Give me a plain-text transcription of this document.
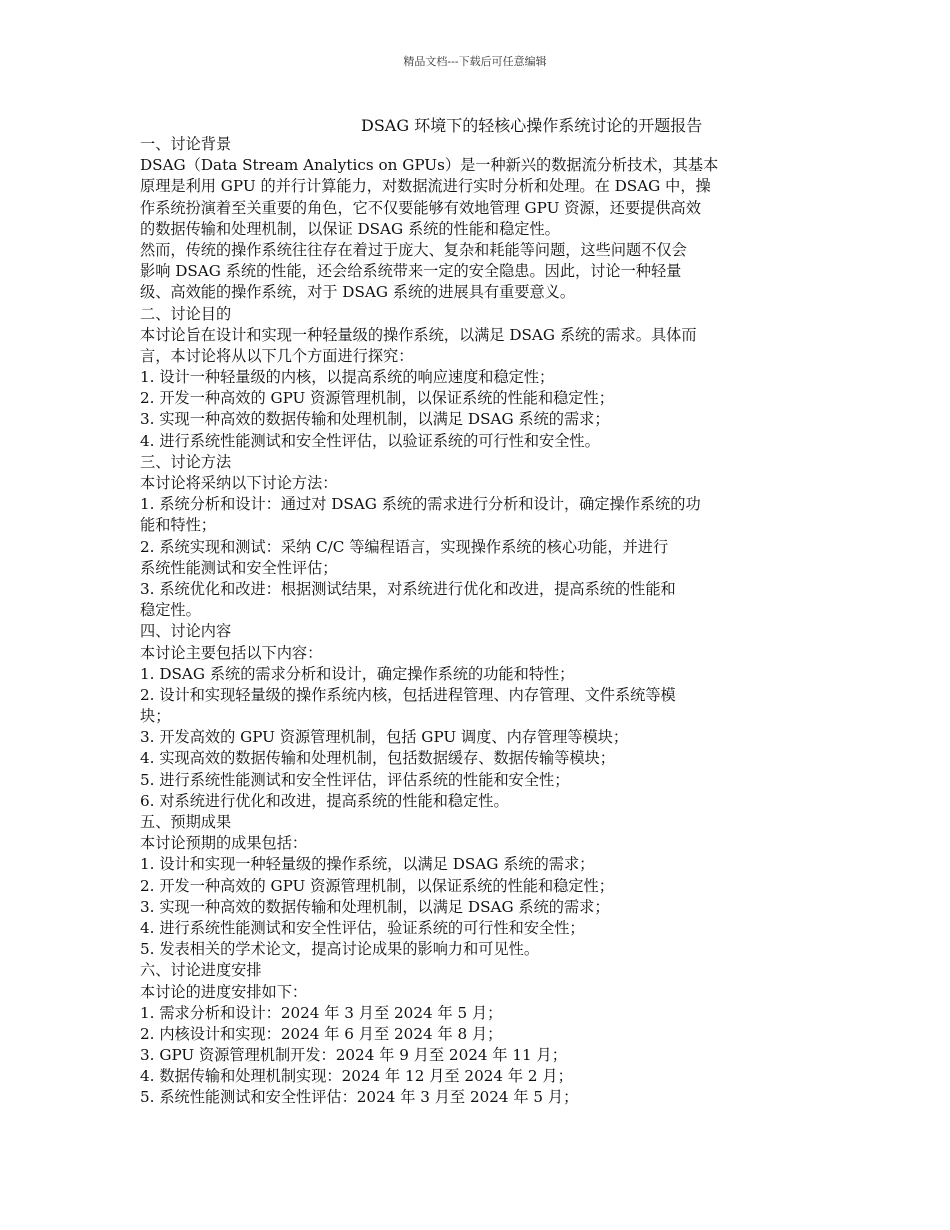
精品文档---下载后可任意编辑
DSAG 环境下的轻核心操作系统讨论的开题报告
一、讨论背景
DSAG（Data Stream Analytics on GPUs）是一种新兴的数据流分析技术，其基本
原理是利用 GPU 的并行计算能力，对数据流进行实时分析和处理。在 DSAG 中，操
作系统扮演着至关重要的角色，它不仅要能够有效地管理 GPU 资源，还要提供高效
的数据传输和处理机制，以保证 DSAG 系统的性能和稳定性。
然而，传统的操作系统往往存在着过于庞大、复杂和耗能等问题，这些问题不仅会
影响 DSAG 系统的性能，还会给系统带来一定的安全隐患。因此，讨论一种轻量
级、高效能的操作系统，对于 DSAG 系统的进展具有重要意义。
二、讨论目的
本讨论旨在设计和实现一种轻量级的操作系统，以满足 DSAG 系统的需求。具体而
言，本讨论将从以下几个方面进行探究：
1. 设计一种轻量级的内核，以提高系统的响应速度和稳定性；
2. 开发一种高效的 GPU 资源管理机制，以保证系统的性能和稳定性；
3. 实现一种高效的数据传输和处理机制，以满足 DSAG 系统的需求；
4. 进行系统性能测试和安全性评估，以验证系统的可行性和安全性。
三、讨论方法
本讨论将采纳以下讨论方法：
1. 系统分析和设计：通过对 DSAG 系统的需求进行分析和设计，确定操作系统的功
能和特性；
2. 系统实现和测试：采纳 C/C 等编程语言，实现操作系统的核心功能，并进行
系统性能测试和安全性评估；
3. 系统优化和改进：根据测试结果，对系统进行优化和改进，提高系统的性能和
稳定性。
四、讨论内容
本讨论主要包括以下内容：
1. DSAG 系统的需求分析和设计，确定操作系统的功能和特性；
2. 设计和实现轻量级的操作系统内核，包括进程管理、内存管理、文件系统等模
块；
3. 开发高效的 GPU 资源管理机制，包括 GPU 调度、内存管理等模块；
4. 实现高效的数据传输和处理机制，包括数据缓存、数据传输等模块；
5. 进行系统性能测试和安全性评估，评估系统的性能和安全性；
6. 对系统进行优化和改进，提高系统的性能和稳定性。
五、预期成果
本讨论预期的成果包括：
1. 设计和实现一种轻量级的操作系统，以满足 DSAG 系统的需求；
2. 开发一种高效的 GPU 资源管理机制，以保证系统的性能和稳定性；
3. 实现一种高效的数据传输和处理机制，以满足 DSAG 系统的需求；
4. 进行系统性能测试和安全性评估，验证系统的可行性和安全性；
5. 发表相关的学术论文，提高讨论成果的影响力和可见性。
六、讨论进度安排
本讨论的进度安排如下：
1. 需求分析和设计：2024 年 3 月至 2024 年 5 月；
2. 内核设计和实现：2024 年 6 月至 2024 年 8 月；
3. GPU 资源管理机制开发：2024 年 9 月至 2024 年 11 月；
4. 数据传输和处理机制实现：2024 年 12 月至 2024 年 2 月；
5. 系统性能测试和安全性评估：2024 年 3 月至 2024 年 5 月；
